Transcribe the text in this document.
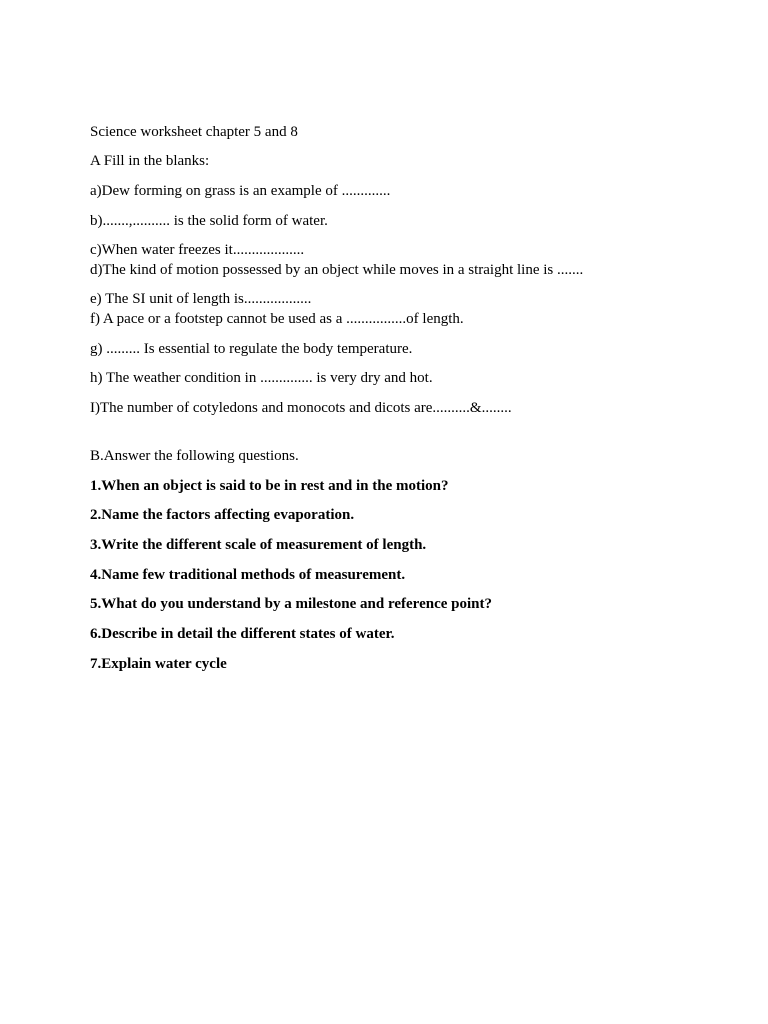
Science worksheet chapter 5 and 8

A Fill in the blanks:

a)Dew forming on grass is an example of .............

b).......,.......... is the solid form of water.

c)When water freezes it...................

d)The kind of motion possessed by an object while moves in a straight line is .......

e) The SI unit of length is..................

f) A pace or a footstep cannot be used as a ................of length.

g) ......... Is essential to regulate the body temperature.

h) The weather condition in .............. is very dry and hot.

I)The number of cotyledons and monocots and dicots are..........&........

B.Answer the following questions.

1.When an object is said to be in rest and in the motion?

2.Name the factors affecting evaporation.

3.Write the different scale of measurement of length.

4.Name few traditional methods of measurement.

5.What do you understand by a milestone and reference point?

6.Describe in detail the different states of water.

7.Explain water cycle
